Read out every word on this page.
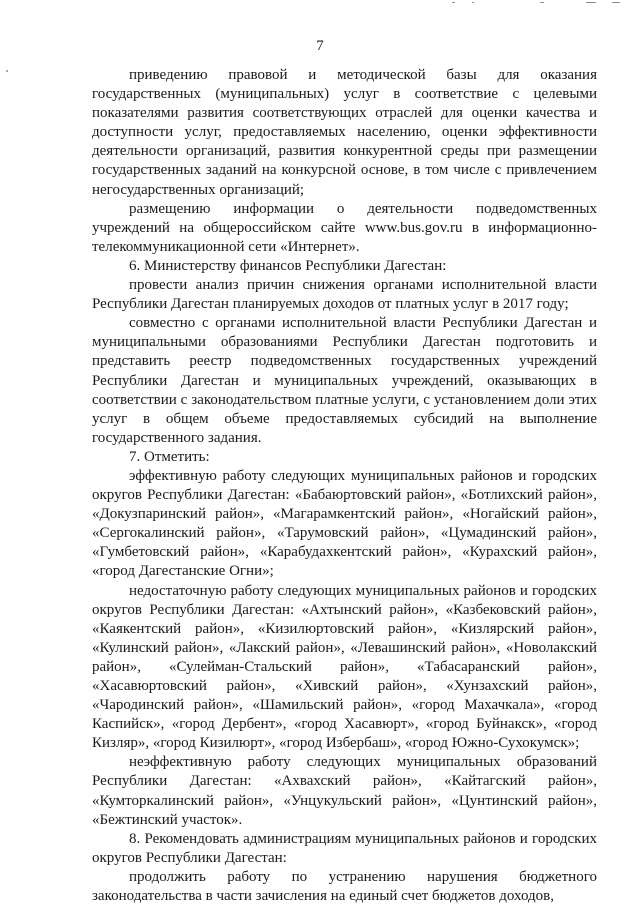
7

приведению правовой и методической базы для оказания государственных (муниципальных) услуг в соответствие с целевыми показателями развития соответствующих отраслей для оценки качества и доступности услуг, предоставляемых населению, оценки эффективности деятельности организаций, развития конкурентной среды при размещении государственных заданий на конкурсной основе, в том числе с привлечением негосударственных организаций;

размещению информации о деятельности подведомственных учреждений на общероссийском сайте www.bus.gov.ru в информационно-телекоммуникационной сети «Интернет».

6. Министерству финансов Республики Дагестан:

провести анализ причин снижения органами исполнительной власти Республики Дагестан планируемых доходов от платных услуг в 2017 году;

совместно с органами исполнительной власти Республики Дагестан и муниципальными образованиями Республики Дагестан подготовить и представить реестр подведомственных государственных учреждений Республики Дагестан и муниципальных учреждений, оказывающих в соответствии с законодательством платные услуги, с установлением доли этих услуг в общем объеме предоставляемых субсидий на выполнение государственного задания.

7. Отметить:

эффективную работу следующих муниципальных районов и городских округов Республики Дагестан: «Бабаюртовский район», «Ботлихский район», «Докузпаринский район», «Магарамкентский район», «Ногайский район», «Сергокалинский район», «Тарумовский район», «Цумадинский район», «Гумбетовский район», «Карабудахкентский район», «Курахский район», «город Дагестанские Огни»;

недостаточную работу следующих муниципальных районов и городских округов Республики Дагестан: «Ахтынский район», «Казбековский район», «Каякентский район», «Кизилюртовский район», «Кизлярский район», «Кулинский район», «Лакский район», «Левашинский район», «Новолакский район», «Сулейман-Стальский район», «Табасаранский район», «Хасавюртовский район», «Хивский район», «Хунзахский район», «Чародинский район», «Шамильский район», «город Махачкала», «город Каспийск», «город Дербент», «город Хасавюрт», «город Буйнакск», «город Кизляр», «город Кизилюрт», «город Избербаш», «город Южно-Сухокумск»;

неэффективную работу следующих муниципальных образований Республики Дагестан: «Ахвахский район», «Кайтагский район», «Кумторкалинский район», «Унцукульский район», «Цунтинский район», «Бежтинский участок».

8. Рекомендовать администрациям муниципальных районов и городских округов Республики Дагестан:

продолжить работу по устранению нарушения бюджетного законодательства в части зачисления на единый счет бюджетов доходов,
